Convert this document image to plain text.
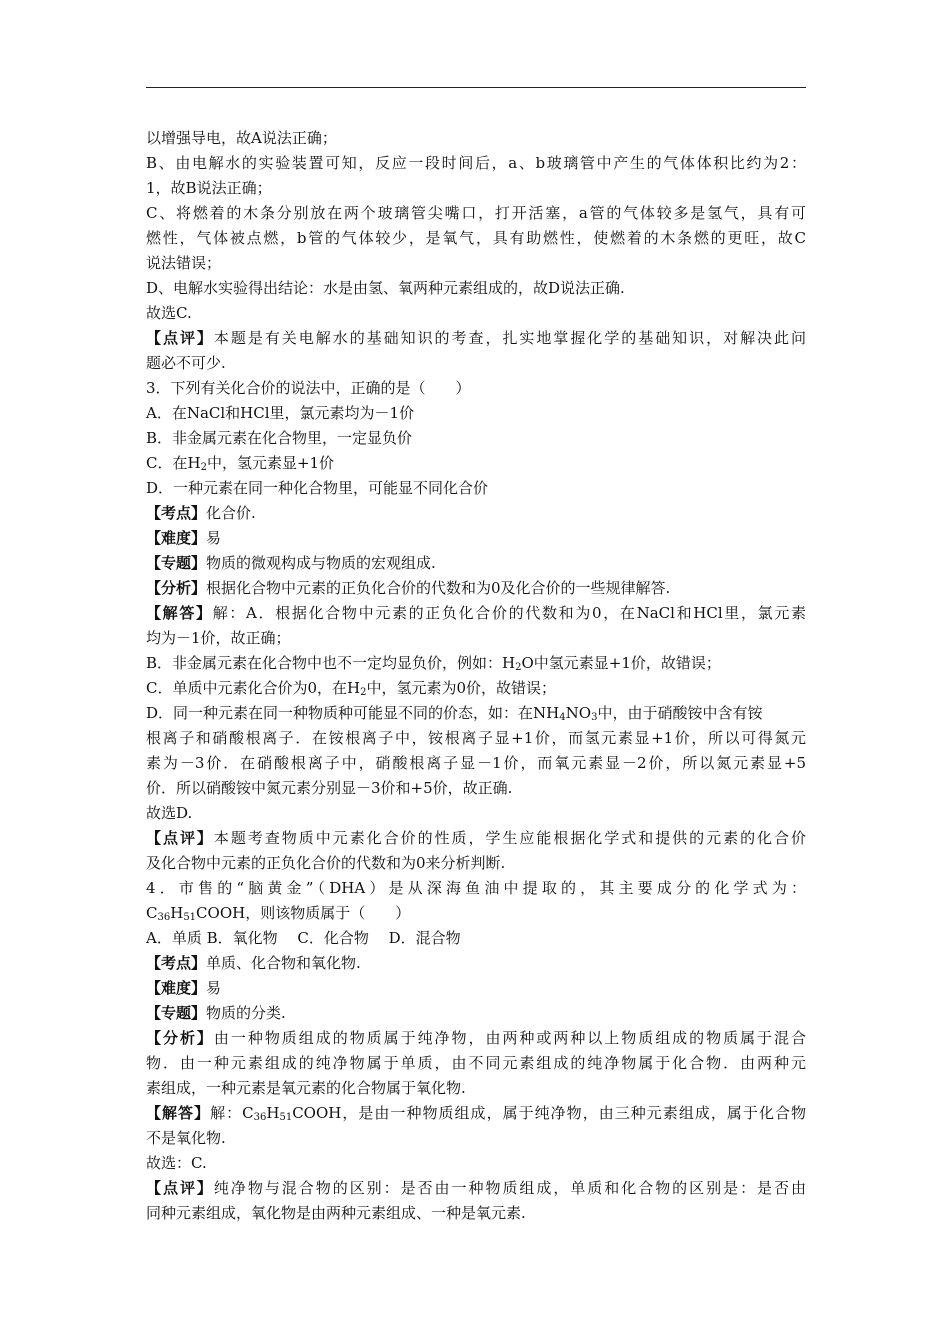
以增强导电，故A说法正确；
B、由电解水的实验装置可知，反应一段时间后，a、b玻璃管中产生的气体体积比约为2：
1，故B说法正确；
C、将燃着的木条分别放在两个玻璃管尖嘴口，打开活塞，a管的气体较多是氢气，具有可
燃性，气体被点燃，b管的气体较少，是氧气，具有助燃性，使燃着的木条燃的更旺，故C
说法错误；
D、电解水实验得出结论：水是由氢、氧两种元素组成的，故D说法正确.
故选C.
【点评】本题是有关电解水的基础知识的考查，扎实地掌握化学的基础知识，对解决此问
题必不可少.
3．下列有关化合价的说法中，正确的是（　　）
A．在NaCl和HCl里，氯元素均为－1价
B．非金属元素在化合物里，一定显负价
C．在$H_2$中，氢元素显+1价
D．一种元素在同一种化合物里，可能显不同化合价
【考点】化合价.
【难度】易
【专题】物质的微观构成与物质的宏观组成.
【分析】根据化合物中元素的正负化合价的代数和为0及化合价的一些规律解答.
【解答】解：A．根据化合物中元素的正负化合价的代数和为0，在NaCl和HCl里，氯元素
均为－1价，故正确；
B．非金属元素在化合物中也不一定均显负价，例如：$H_2O$中氢元素显+1价，故错误；
C．单质中元素化合价为0，在$H_2$中，氢元素为0价，故错误；
D．同一种元素在同一种物质种可能显不同的价态，如：在$NH_4NO_3$中，由于硝酸铵中含有铵
根离子和硝酸根离子．在铵根离子中，铵根离子显+1价，而氢元素显+1价，所以可得氮元
素为－3价．在硝酸根离子中，硝酸根离子显－1价，而氧元素显－2价，所以氮元素显+5
价．所以硝酸铵中氮元素分别显－3价和+5价，故正确.
故选D.
【点评】本题考查物质中元素化合价的性质，学生应能根据化学式和提供的元素的化合价
及化合物中元素的正负化合价的代数和为0来分析判断.
4．市售的“脑黄金”（DHA）是从深海鱼油中提取的，其主要成分的化学式为：
$C_{36}H_{51}COOH$，则该物质属于（　　）
A．单质 B．氧化物　 C．化合物　 D．混合物
【考点】单质、化合物和氧化物.
【难度】易
【专题】物质的分类.
【分析】由一种物质组成的物质属于纯净物，由两种或两种以上物质组成的物质属于混合
物．由一种元素组成的纯净物属于单质，由不同元素组成的纯净物属于化合物．由两种元
素组成，一种元素是氧元素的化合物属于氧化物.
【解答】解：$C_{36}H_{51}COOH$，是由一种物质组成，属于纯净物，由三种元素组成，属于化合物
不是氧化物.
故选：C.
【点评】纯净物与混合物的区别：是否由一种物质组成，单质和化合物的区别是：是否由
同种元素组成，氧化物是由两种元素组成、一种是氧元素.
